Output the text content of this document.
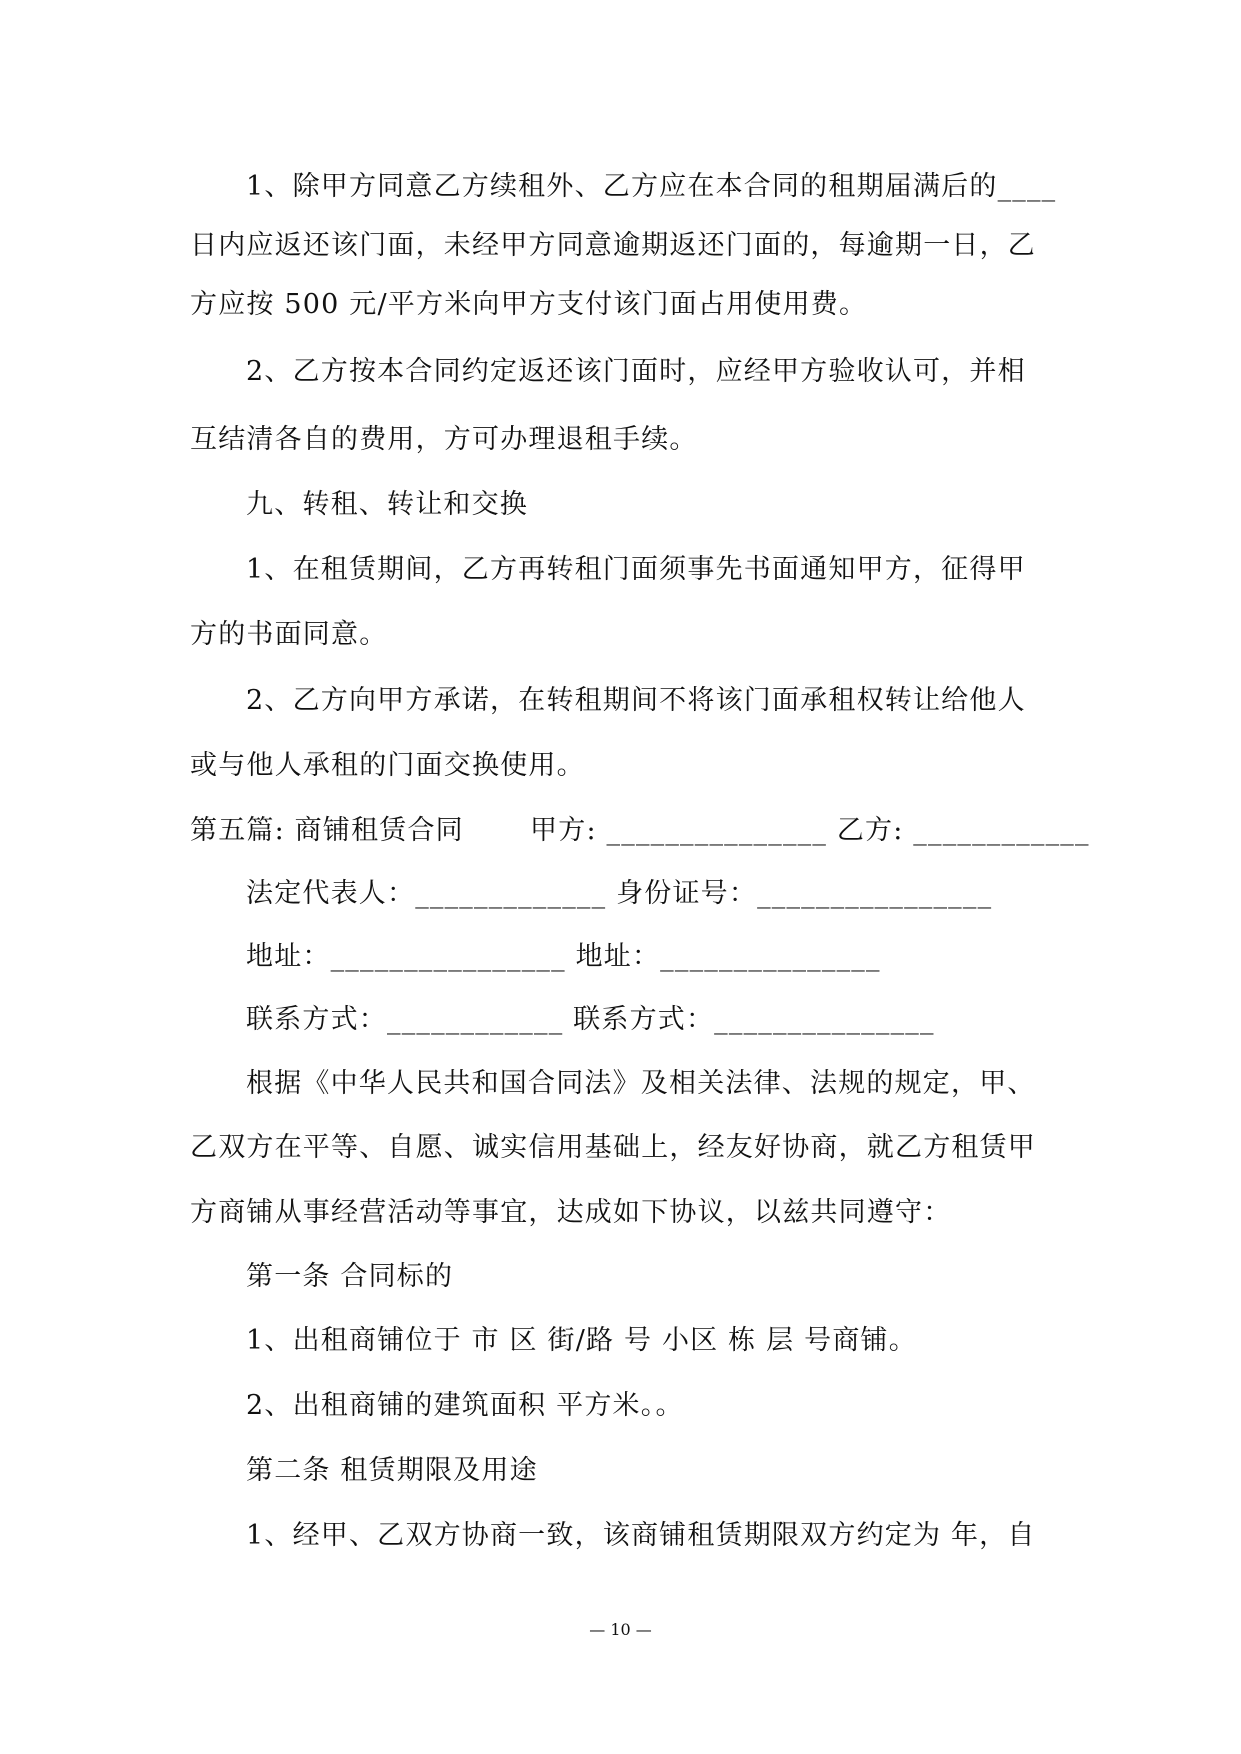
1、除甲方同意乙方续租外、乙方应在本合同的租期届满后的____
日内应返还该门面，未经甲方同意逾期返还门面的，每逾期一日，乙
方应按 500 元/平方米向甲方支付该门面占用使用费。
2、乙方按本合同约定返还该门面时，应经甲方验收认可，并相
互结清各自的费用，方可办理退租手续。
九、转租、转让和交换
1、在租赁期间，乙方再转租门面须事先书面通知甲方，征得甲
方的书面同意。
2、乙方向甲方承诺，在转租期间不将该门面承租权转让给他人
或与他人承租的门面交换使用。
第五篇: 商铺租赁合同 　　甲方: _______________ 乙方: ____________
法定代表人：_____________ 身份证号：________________
地址：________________ 地址：_______________
联系方式：____________ 联系方式：_______________
根据《中华人民共和国合同法》及相关法律、法规的规定，甲、
乙双方在平等、自愿、诚实信用基础上，经友好协商，就乙方租赁甲
方商铺从事经营活动等事宜，达成如下协议，以兹共同遵守：
第一条 合同标的
1、出租商铺位于 市 区 街/路 号 小区 栋 层 号商铺。
2、出租商铺的建筑面积 平方米。。
第二条 租赁期限及用途
1、经甲、乙双方协商一致，该商铺租赁期限双方约定为 年，自
— 10 —
